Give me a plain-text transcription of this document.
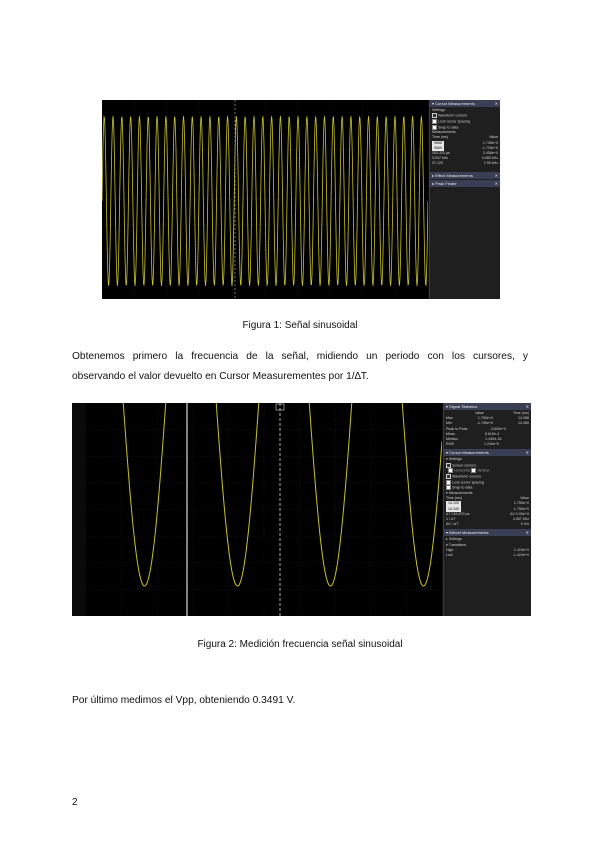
▾ Cursor Measurements	✕
Settings
Waveform cursors
Lock cursor spacing
Snap to data
Measurements
Time (ms)	Value
9668	1.735e+0
9669	-1.725e+0
253.333 µs	3.458e+0
3.947 kHz	4.085 kHz
37.125	1.95 kHz
▸ Effect Measurements	✕
▸ Peak Finder	✕
Figura 1: Señal sinusoidal
Obtenemos primero la frecuencia de la señal, midiendo un periodo con los cursores, y
observando el valor devuelto en Cursor Measurementes por 1/∆T.
▾ Signal Statistics	✕
Value	Time (ms)
Max	1.750e+0	14.286
Min	-1.750e+0	14.280
Peak to Peak	3.500e+0
Mean	8.610e-4
Median	1.430e-16
RMS	1.240e+0
▾ Cursor Measurements	✕
▾ Settings
Screen cursors
Horizontal Vertical
Waveform cursors
Lock cursor spacing
Snap to data
▾ Measurements
Time (ms)	Value
15.100	1.750e+0
15.349	1.750e+0
ΔT 245.879 µs	ΔV 0.00e+0
1 / ΔT	4.067 kHz
ΔV / ΔT	0 V/s
▾ Bilevel Measurements	✕
▸ Settings
▾ Transitions
High	1.424e+0
Low	-1.424e+0
Figura 2: Medición frecuencia señal sinusoidal
Por último medimos el Vpp, obteniendo 0.3491 V.
2
